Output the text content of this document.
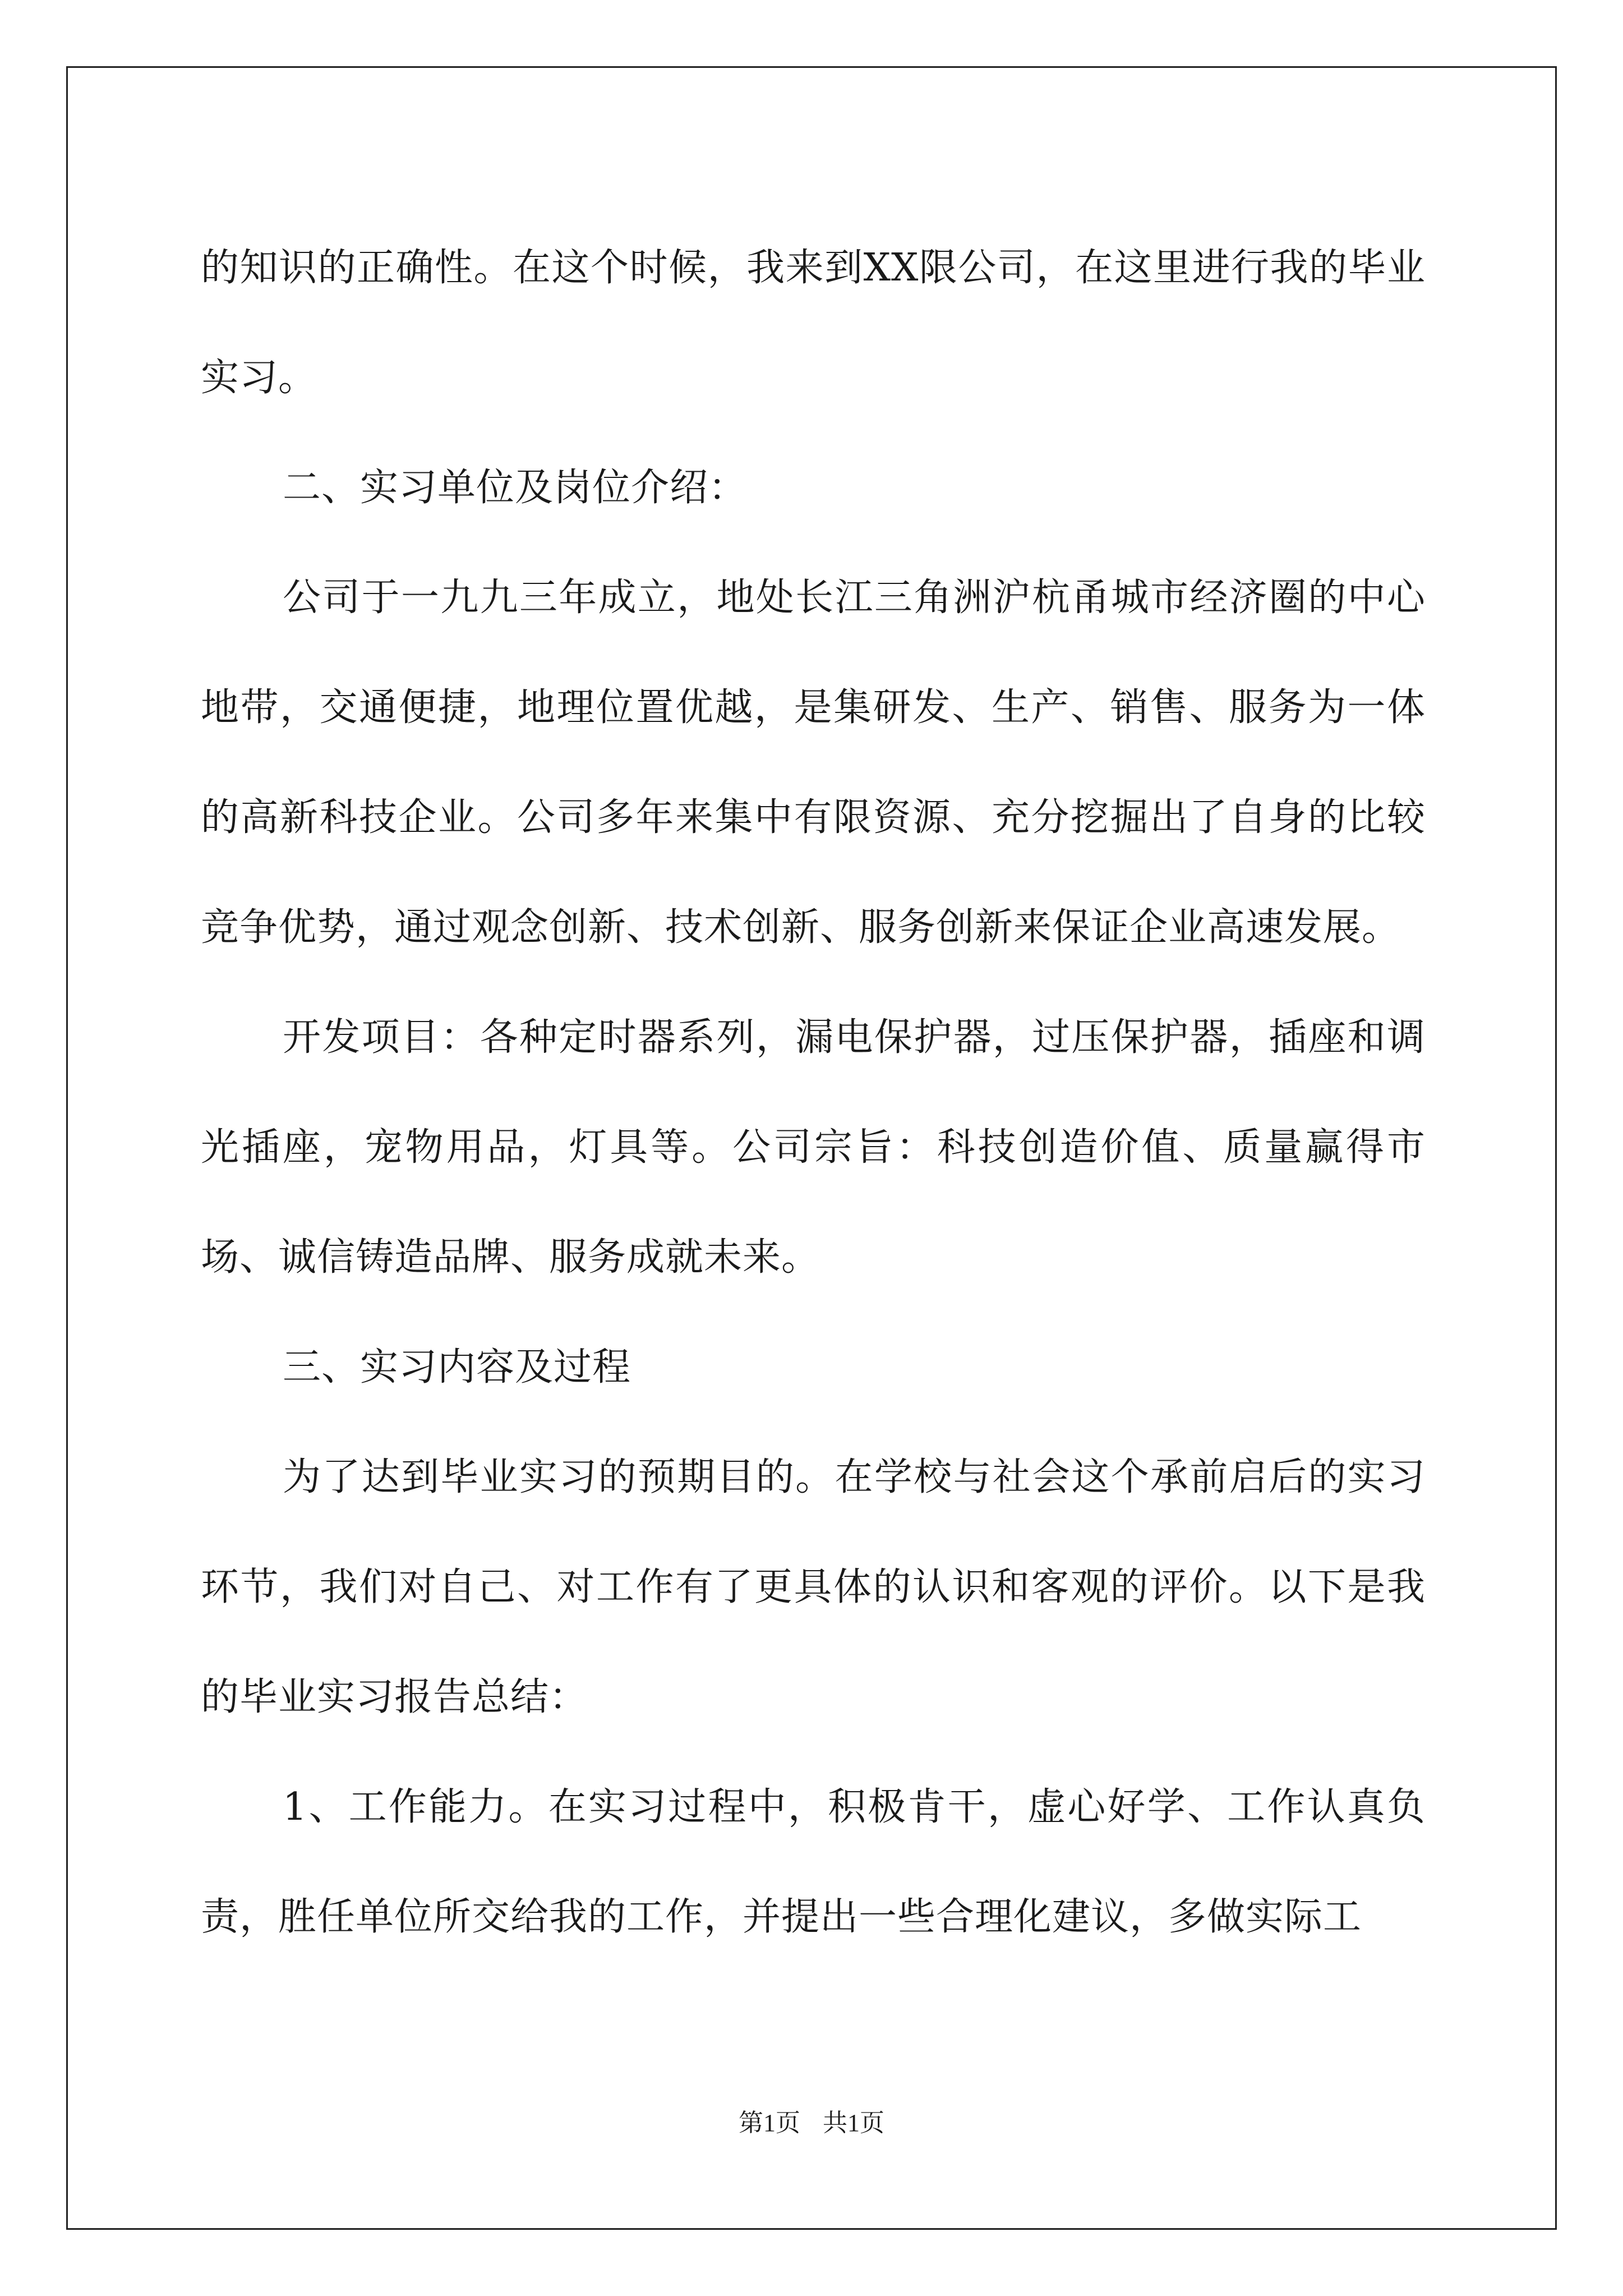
的知识的正确性。在这个时候，我来到XX限公司，在这里进行我的毕业实习。

二、实习单位及岗位介绍：

公司于一九九三年成立，地处长江三角洲沪杭甬城市经济圈的中心地带，交通便捷，地理位置优越，是集研发、生产、销售、服务为一体的高新科技企业。公司多年来集中有限资源、充分挖掘出了自身的比较竞争优势，通过观念创新、技术创新、服务创新来保证企业高速发展。

开发项目：各种定时器系列，漏电保护器，过压保护器，插座和调光插座，宠物用品，灯具等。公司宗旨：科技创造价值、质量赢得市场、诚信铸造品牌、服务成就未来。

三、实习内容及过程

为了达到毕业实习的预期目的。在学校与社会这个承前启后的实习环节，我们对自己、对工作有了更具体的认识和客观的评价。以下是我的毕业实习报告总结：

1、工作能力。在实习过程中，积极肯干，虚心好学、工作认真负责，胜任单位所交给我的工作，并提出一些合理化建议，多做实际工

第1页 共1页
